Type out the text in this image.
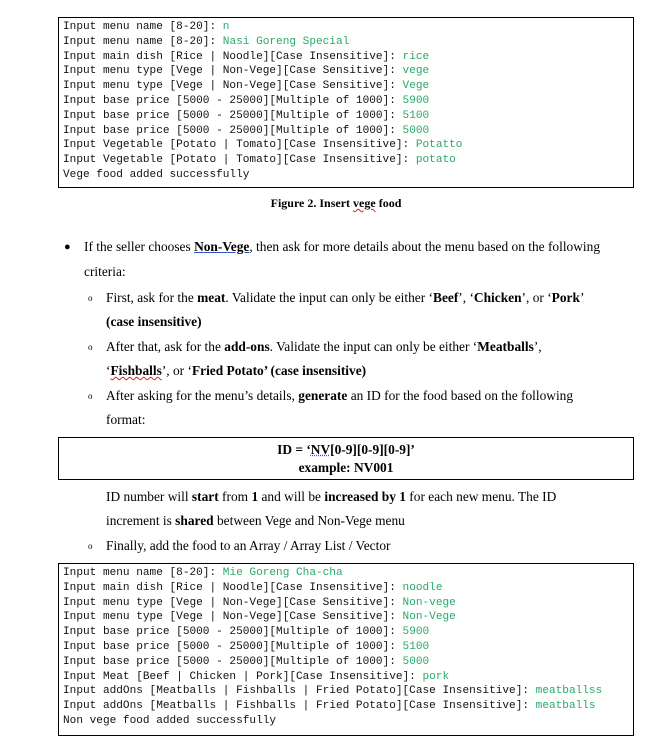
Input menu name [8-20]: n
Input menu name [8-20]: Nasi Goreng Special
Input main dish [Rice | Noodle][Case Insensitive]: rice
Input menu type [Vege | Non-Vege][Case Sensitive]: vege
Input menu type [Vege | Non-Vege][Case Sensitive]: Vege
Input base price [5000 - 25000][Multiple of 1000]: 5900
Input base price [5000 - 25000][Multiple of 1000]: 5100
Input base price [5000 - 25000][Multiple of 1000]: 5000
Input Vegetable [Potato | Tomato][Case Insensitive]: Potatto
Input Vegetable [Potato | Tomato][Case Insensitive]: potato
Vege food added successfully
Figure 2. Insert vege food
● If the seller chooses Non-Vege, then ask for more details about the menu based on the following
criteria:
o First, ask for the meat. Validate the input can only be either ‘Beef’, ‘Chicken’, or ‘Pork’
(case insensitive)
o After that, ask for the add-ons. Validate the input can only be either ‘Meatballs’,
‘Fishballs’, or ‘Fried Potato’ (case insensitive)
o After asking for the menu’s details, generate an ID for the food based on the following
format:
ID = ‘NV[0-9][0-9][0-9]’
example: NV001
ID number will start from 1 and will be increased by 1 for each new menu. The ID
increment is shared between Vege and Non-Vege menu
o Finally, add the food to an Array / Array List / Vector
Input menu name [8-20]: Mie Goreng Cha-cha
Input main dish [Rice | Noodle][Case Insensitive]: noodle
Input menu type [Vege | Non-Vege][Case Sensitive]: Non-vege
Input menu type [Vege | Non-Vege][Case Sensitive]: Non-Vege
Input base price [5000 - 25000][Multiple of 1000]: 5900
Input base price [5000 - 25000][Multiple of 1000]: 5100
Input base price [5000 - 25000][Multiple of 1000]: 5000
Input Meat [Beef | Chicken | Pork][Case Insensitive]: pork
Input addOns [Meatballs | Fishballs | Fried Potato][Case Insensitive]: meatballss
Input addOns [Meatballs | Fishballs | Fried Potato][Case Insensitive]: meatballs
Non vege food added successfully
